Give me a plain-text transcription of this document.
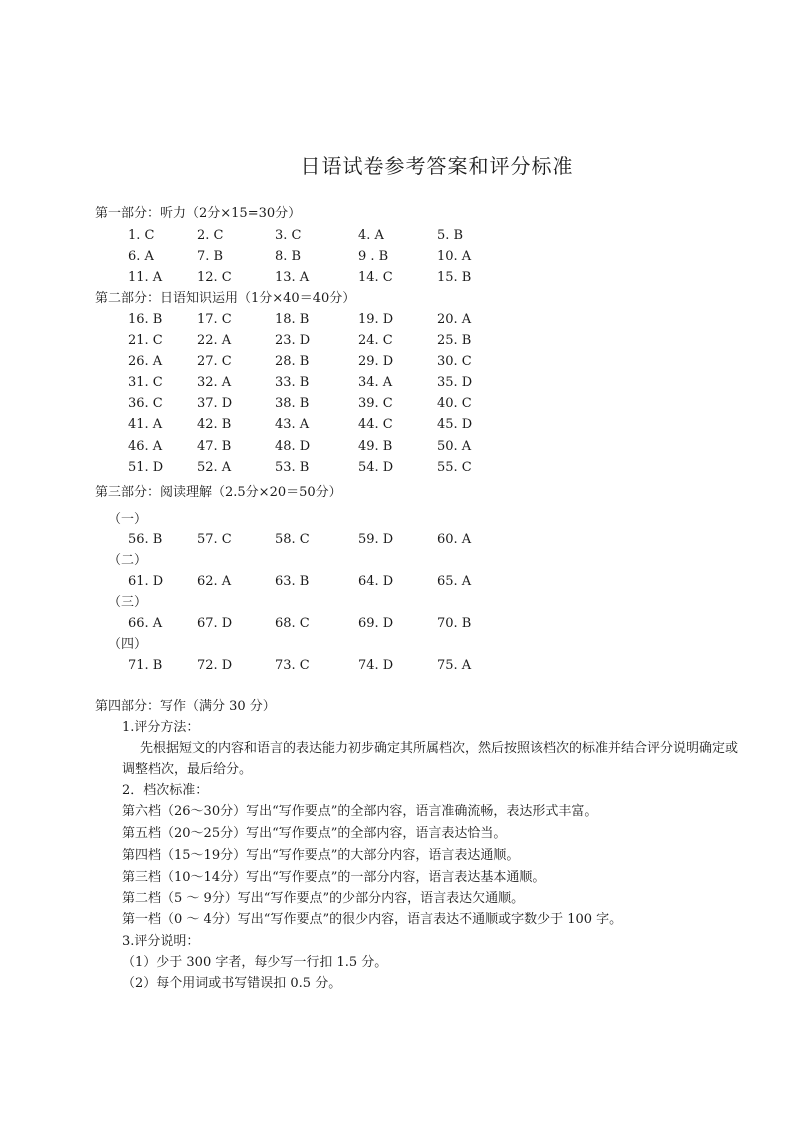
日语试卷参考答案和评分标准
第一部分：听力（2分×15=30分）
1. C	2. C	3. C	4. A	5. B
6. A	7. B	8. B	9 . B	10. A
11. A	12. C	13. A	14. C	15. B
第二部分：日语知识运用（1分×40＝40分）
16. B	17. C	18. B	19. D	20. A
21. C	22. A	23. D	24. C	25. B
26. A	27. C	28. B	29. D	30. C
31. C	32. A	33. B	34. A	35. D
36. C	37. D	38. B	39. C	40. C
41. A	42. B	43. A	44. C	45. D
46. A	47. B	48. D	49. B	50. A
51. D	52. A	53. B	54. D	55. C
第三部分：阅读理解（2.5分×20＝50分）
（一）
56. B	57. C	58. C	59. D	60. A
（二）
61. D	62. A	63. B	64. D	65. A
（三）
66. A	67. D	68. C	69. D	70. B
（四）
71. B	72. D	73. C	74. D	75. A
第四部分：写作（满分 30 分）
1.评分方法：
先根据短文的内容和语言的表达能力初步确定其所属档次，然后按照该档次的标准并结合评分说明确定或
调整档次，最后给分。
2．档次标准：
第六档（26～30分）写出“写作要点”的全部内容，语言准确流畅，表达形式丰富。
第五档（20～25分）写出“写作要点”的全部内容，语言表达恰当。
第四档（15～19分）写出“写作要点”的大部分内容，语言表达通顺。
第三档（10～14分）写出“写作要点”的一部分内容，语言表达基本通顺。
第二档（5 ～ 9分）写出“写作要点”的少部分内容，语言表达欠通顺。
第一档（0 ～ 4分）写出“写作要点”的很少内容，语言表达不通顺或字数少于 100 字。
3.评分说明：
（1）少于 300 字者，每少写一行扣 1.5 分。
（2）每个用词或书写错误扣 0.5 分。
